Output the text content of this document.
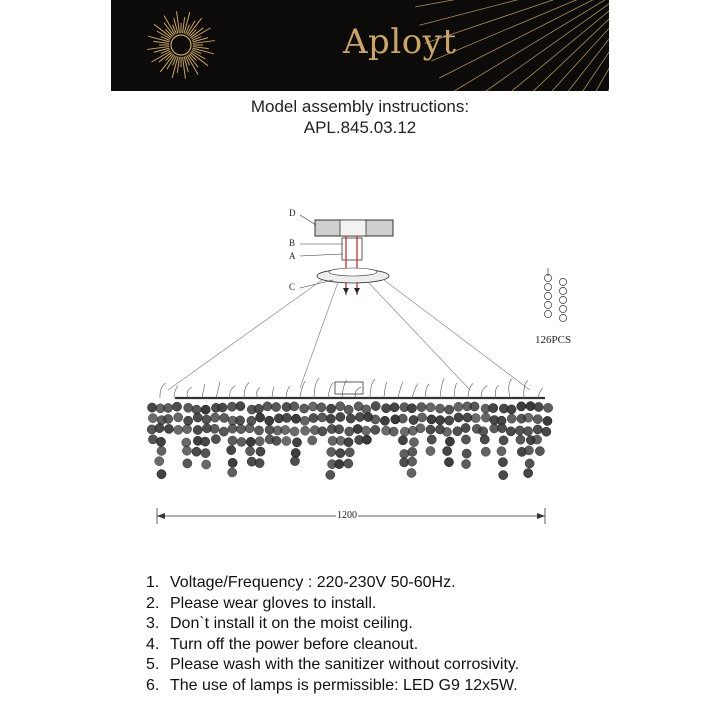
Aployt
Model assembly instructions:
APL.845.03.12
D
B
A
C
126PCS
1200
1. Voltage/Frequency : 220-230V 50-60Hz.
2. Please wear gloves to install.
3. Don`t install it on the moist ceiling.
4. Turn off the power before cleanout.
5. Please wash with the sanitizer without corrosivity.
6. The use of lamps is permissible: LED G9 12x5W.
